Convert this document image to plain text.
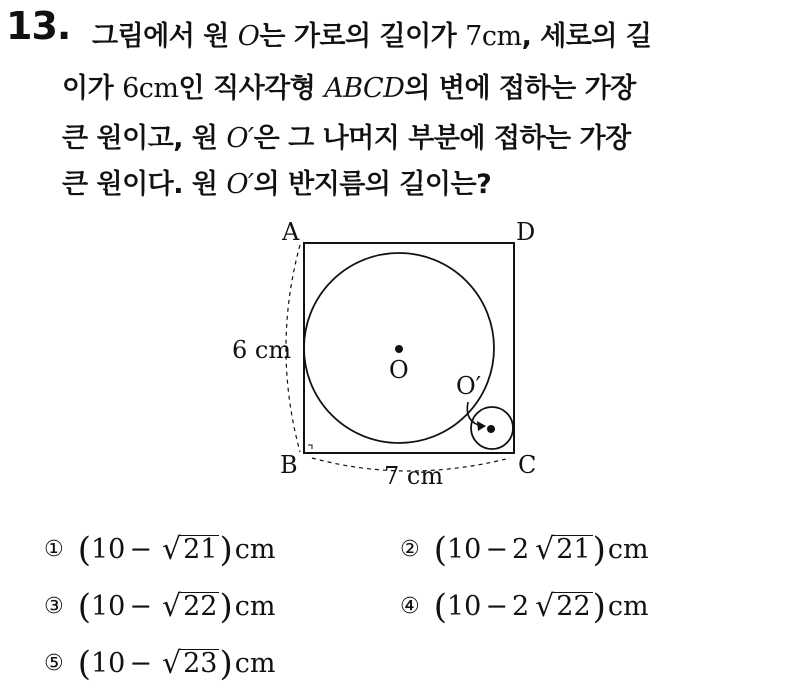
13. 그림에서 원 O는 가로의 길이가 7cm, 세로의 길
이가 6cm인 직사각형 ABCD의 변에 접하는 가장
큰 원이고, 원 O′은 그 나머지 부분에 접하는 가장
큰 원이다. 원 O′의 반지름의 길이는?
A	D
B	C
O
O′
6 cm
7 cm
① ( 10 − √ 21 ) cm	② ( 10 − 2 √ 21 ) cm
③ ( 10 − √ 22 ) cm	④ ( 10 − 2 √ 22 ) cm
⑤ ( 10 − √ 23 ) cm
